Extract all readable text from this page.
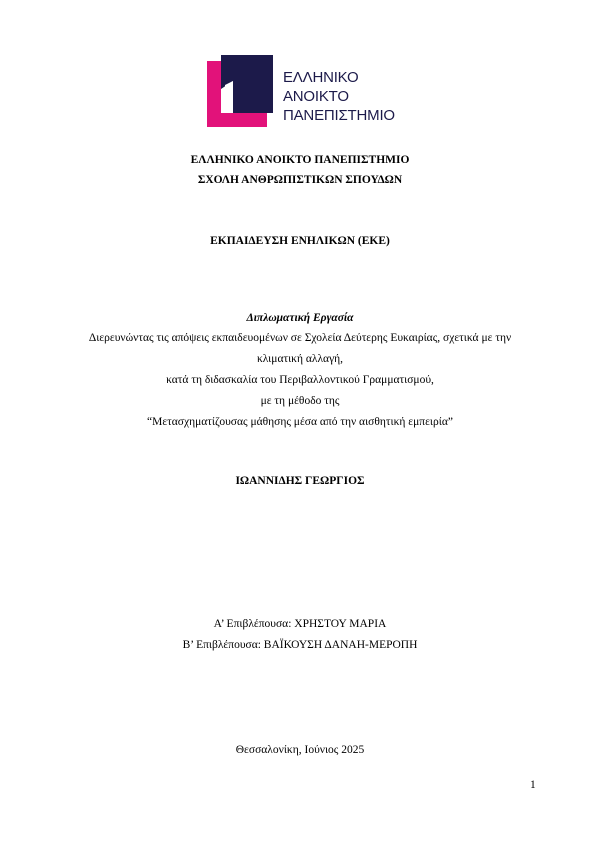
ΕΛΛΗΝΙΚΟ
ΑΝΟΙΚΤΟ
ΠΑΝΕΠΙΣΤΗΜΙΟ
ΕΛΛΗΝΙΚΟ ΑΝΟΙΚΤΟ ΠΑΝΕΠΙΣΤΗΜΙΟ
ΣΧΟΛΗ ΑΝΘΡΩΠΙΣΤΙΚΩΝ ΣΠΟΥΔΩΝ
ΕΚΠΑΙΔΕΥΣΗ ΕΝΗΛΙΚΩΝ (ΕΚΕ)
Διπλωματική Εργασία
Διερευνώντας τις απόψεις εκπαιδευομένων σε Σχολεία Δεύτερης Ευκαιρίας, σχετικά με την
κλιματική αλλαγή,
κατά τη διδασκαλία του Περιβαλλοντικού Γραμματισμού,
με τη μέθοδο της
“Μετασχηματίζουσας μάθησης μέσα από την αισθητική εμπειρία”
ΙΩΑΝΝΙΔΗΣ ΓΕΩΡΓΙΟΣ
Α’ Επιβλέπουσα: ΧΡΗΣΤΟΥ ΜΑΡΙΑ
Β’ Επιβλέπουσα: ΒΑΪΚΟΥΣΗ ΔΑΝΑΗ-ΜΕΡΟΠΗ
Θεσσαλονίκη, Ιούνιος 2025
1
